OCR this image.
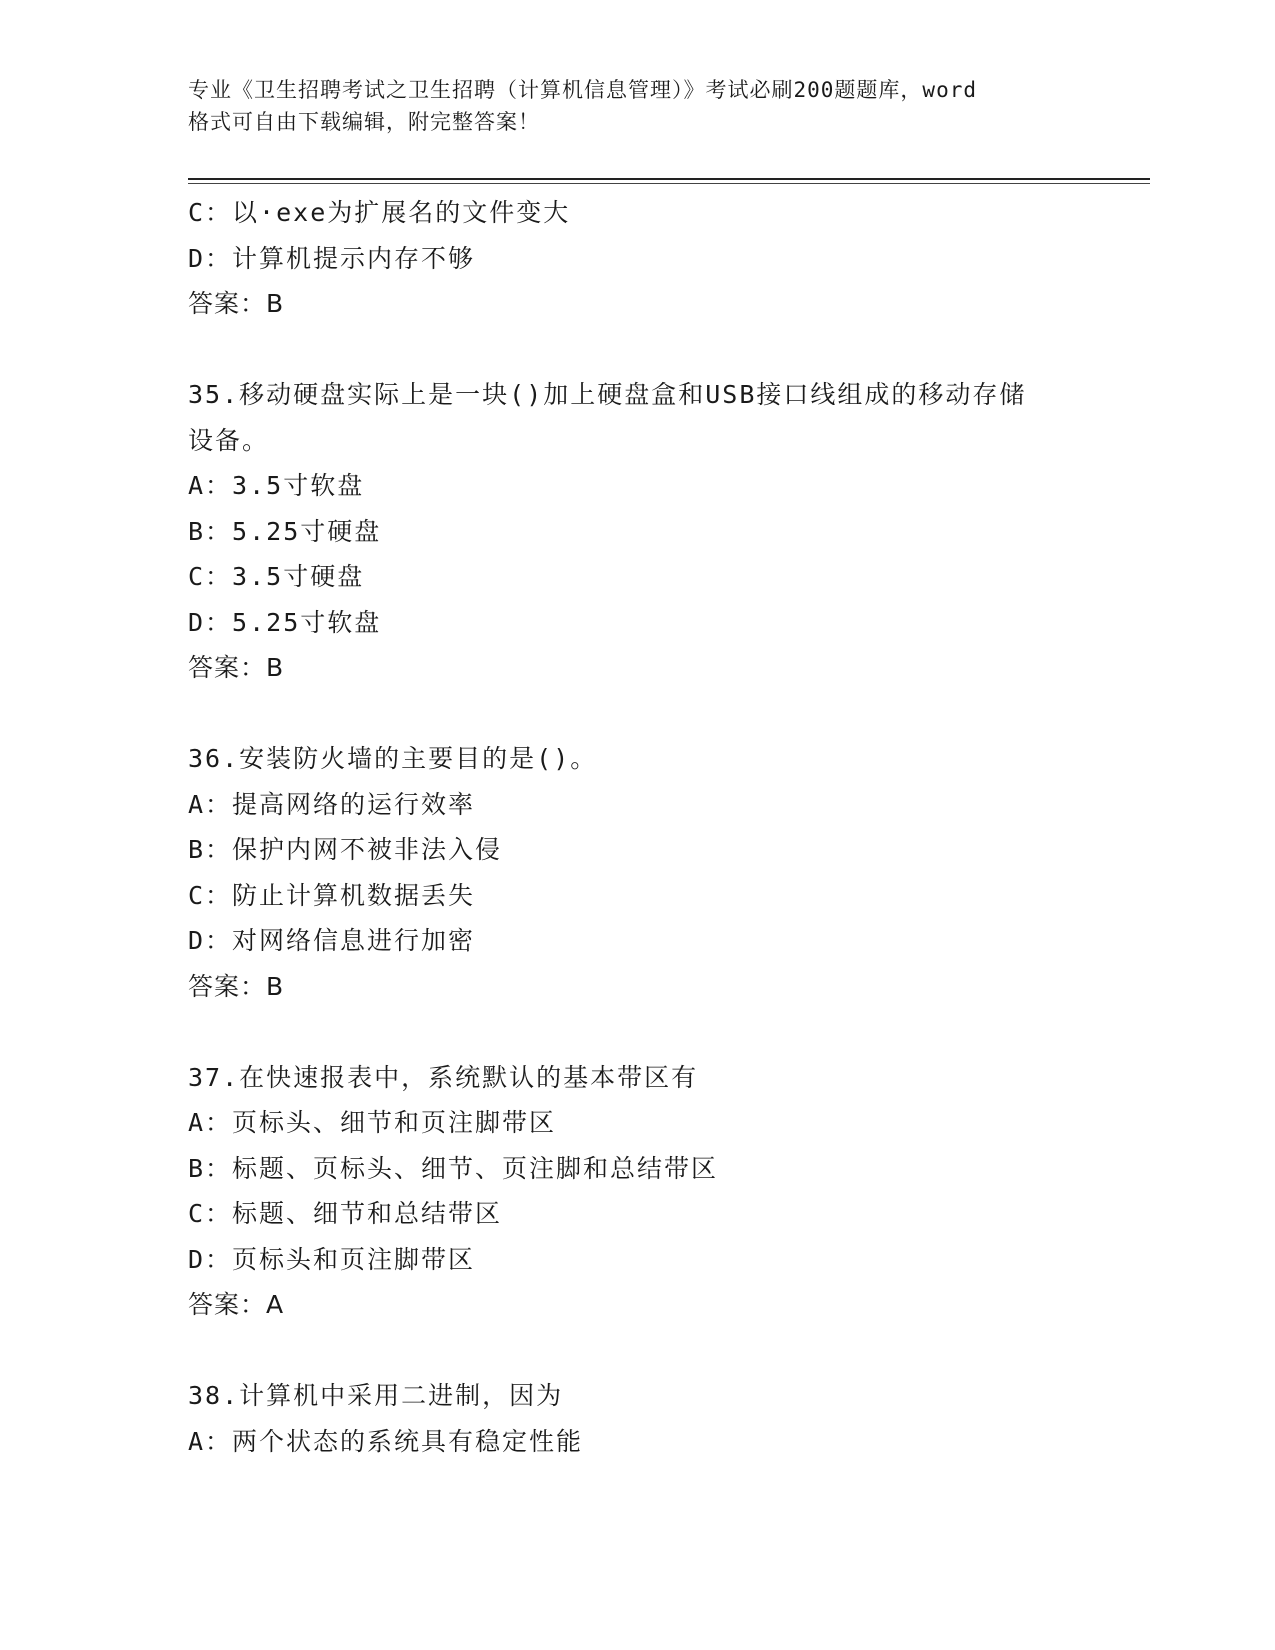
专业《卫生招聘考试之卫生招聘（计算机信息管理）》考试必刷200题题库，word
格式可自由下载编辑，附完整答案！
C：以·exe为扩展名的文件变大
D：计算机提示内存不够
答案：B
35.移动硬盘实际上是一块()加上硬盘盒和USB接口线组成的移动存储
设备。
A：3.5寸软盘
B：5.25寸硬盘
C：3.5寸硬盘
D：5.25寸软盘
答案：B
36.安装防火墙的主要目的是()。
A：提高网络的运行效率
B：保护内网不被非法入侵
C：防止计算机数据丢失
D：对网络信息进行加密
答案：B
37.在快速报表中，系统默认的基本带区有
A：页标头、细节和页注脚带区
B：标题、页标头、细节、页注脚和总结带区
C：标题、细节和总结带区
D：页标头和页注脚带区
答案：A
38.计算机中采用二进制，因为
A：两个状态的系统具有稳定性能
